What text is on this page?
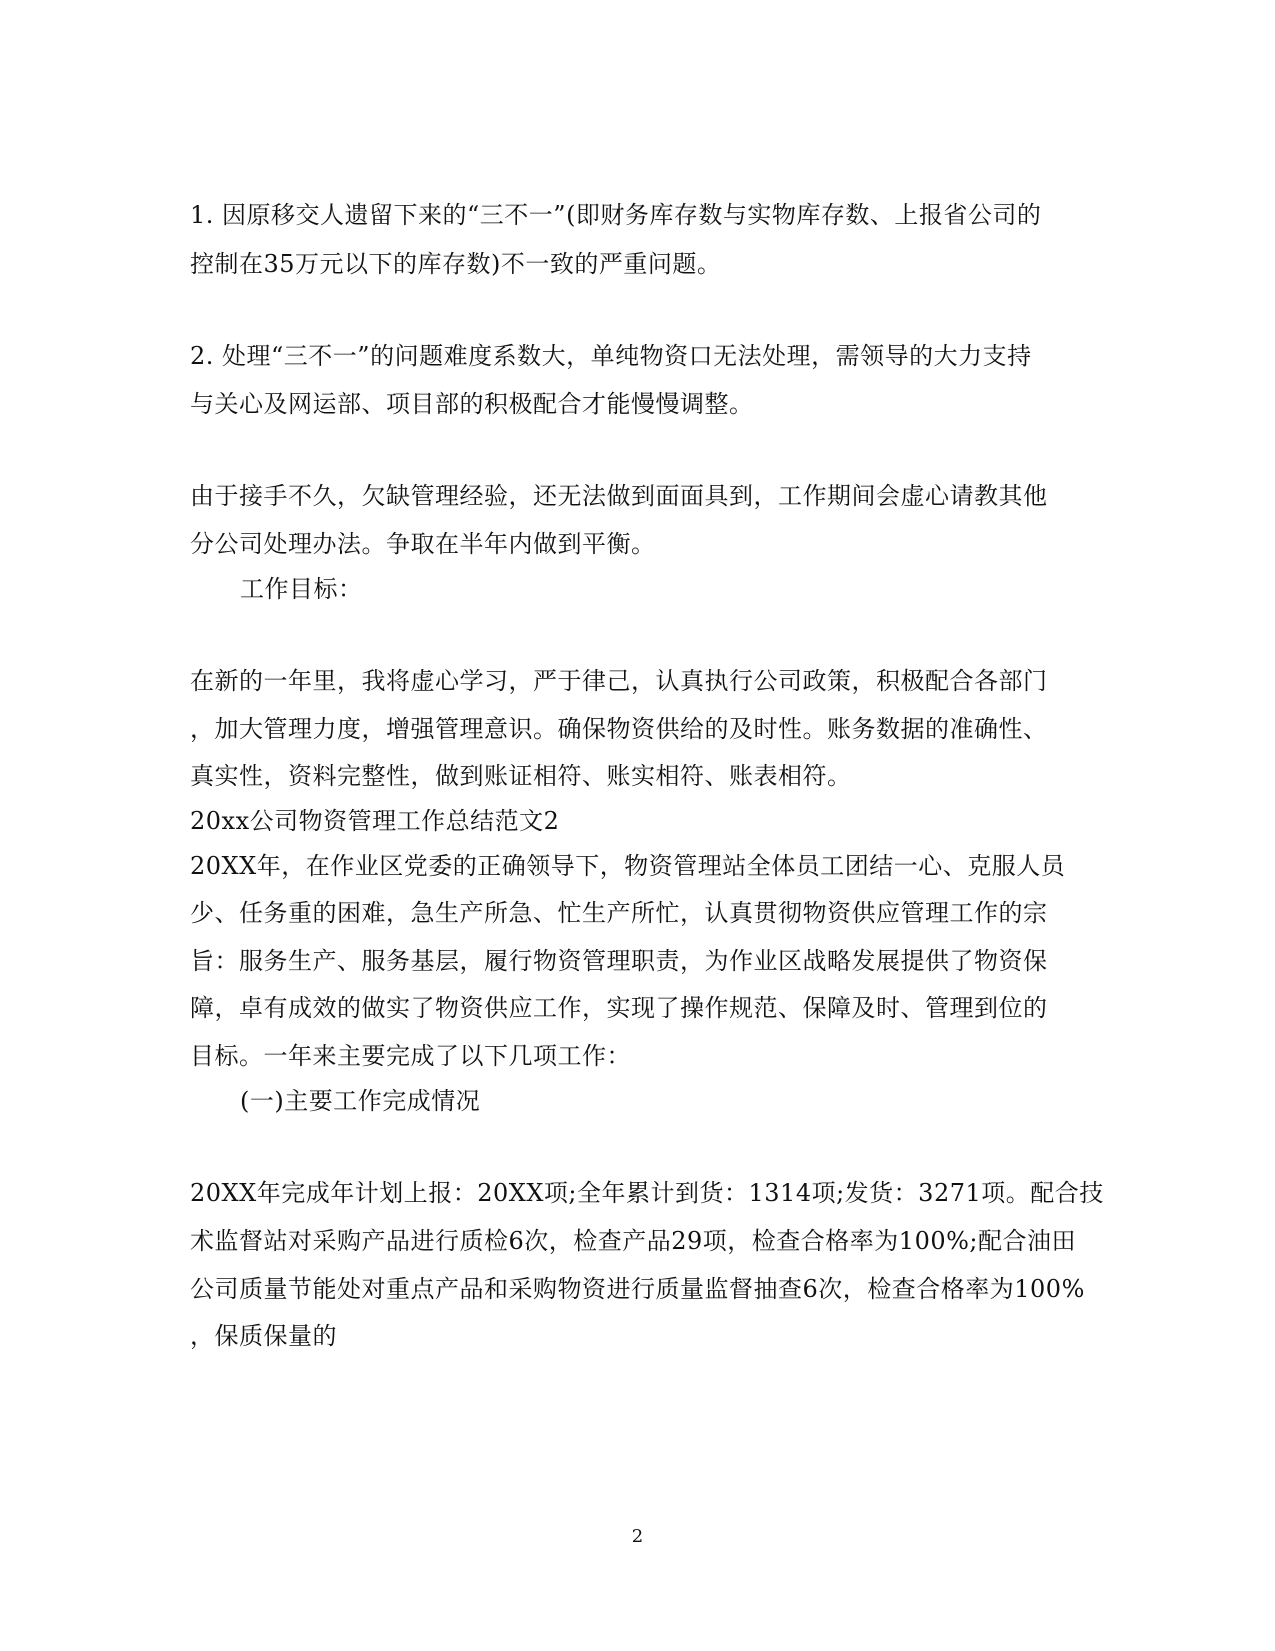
1. 因原移交人遗留下来的“三不一”(即财务库存数与实物库存数、上报省公司的
控制在35万元以下的库存数)不一致的严重问题。
2. 处理“三不一”的问题难度系数大，单纯物资口无法处理，需领导的大力支持
与关心及网运部、项目部的积极配合才能慢慢调整。
由于接手不久，欠缺管理经验，还无法做到面面具到，工作期间会虚心请教其他
分公司处理办法。争取在半年内做到平衡。
工作目标：
在新的一年里，我将虚心学习，严于律己，认真执行公司政策，积极配合各部门
，加大管理力度，增强管理意识。确保物资供给的及时性。账务数据的准确性、
真实性，资料完整性，做到账证相符、账实相符、账表相符。
20xx公司物资管理工作总结范文2
20XX年，在作业区党委的正确领导下，物资管理站全体员工团结一心、克服人员
少、任务重的困难，急生产所急、忙生产所忙，认真贯彻物资供应管理工作的宗
旨：服务生产、服务基层，履行物资管理职责，为作业区战略发展提供了物资保
障，卓有成效的做实了物资供应工作，实现了操作规范、保障及时、管理到位的
目标。一年来主要完成了以下几项工作：
(一)主要工作完成情况
20XX年完成年计划上报：20XX项;全年累计到货：1314项;发货：3271项。配合技
术监督站对采购产品进行质检6次，检查产品29项，检查合格率为100%;配合油田
公司质量节能处对重点产品和采购物资进行质量监督抽查6次，检查合格率为100%
，保质保量的
2
